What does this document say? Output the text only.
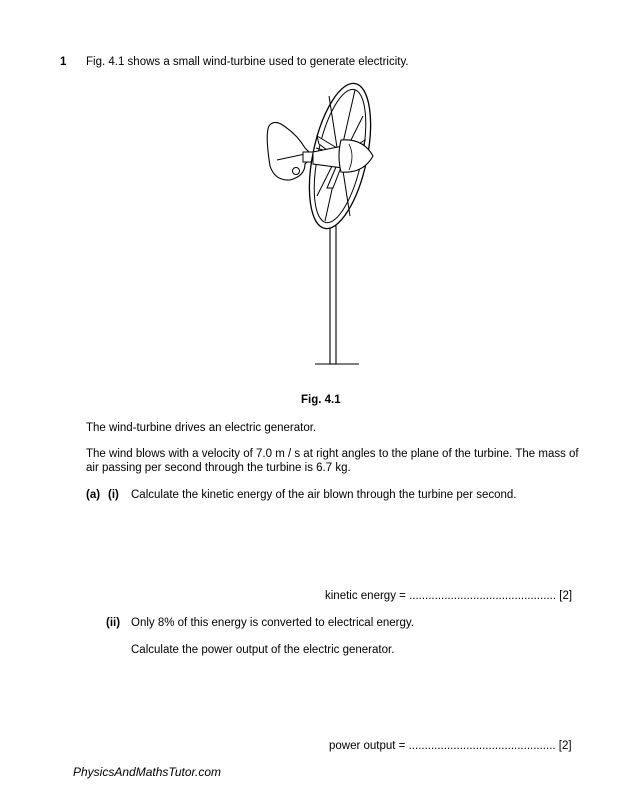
1 Fig. 4.1 shows a small wind-turbine used to generate electricity.

Fig. 4.1

The wind-turbine drives an electric generator.

The wind blows with a velocity of 7.0 m / s at right angles to the plane of the turbine. The mass of

air passing per second through the turbine is 6.7 kg.

(a) (i) Calculate the kinetic energy of the air blown through the turbine per second.

kinetic energy = .............................................. [2]

(ii) Only 8% of this energy is converted to electrical energy.

Calculate the power output of the electric generator.

power output = .............................................. [2]

PhysicsAndMathsTutor.com
